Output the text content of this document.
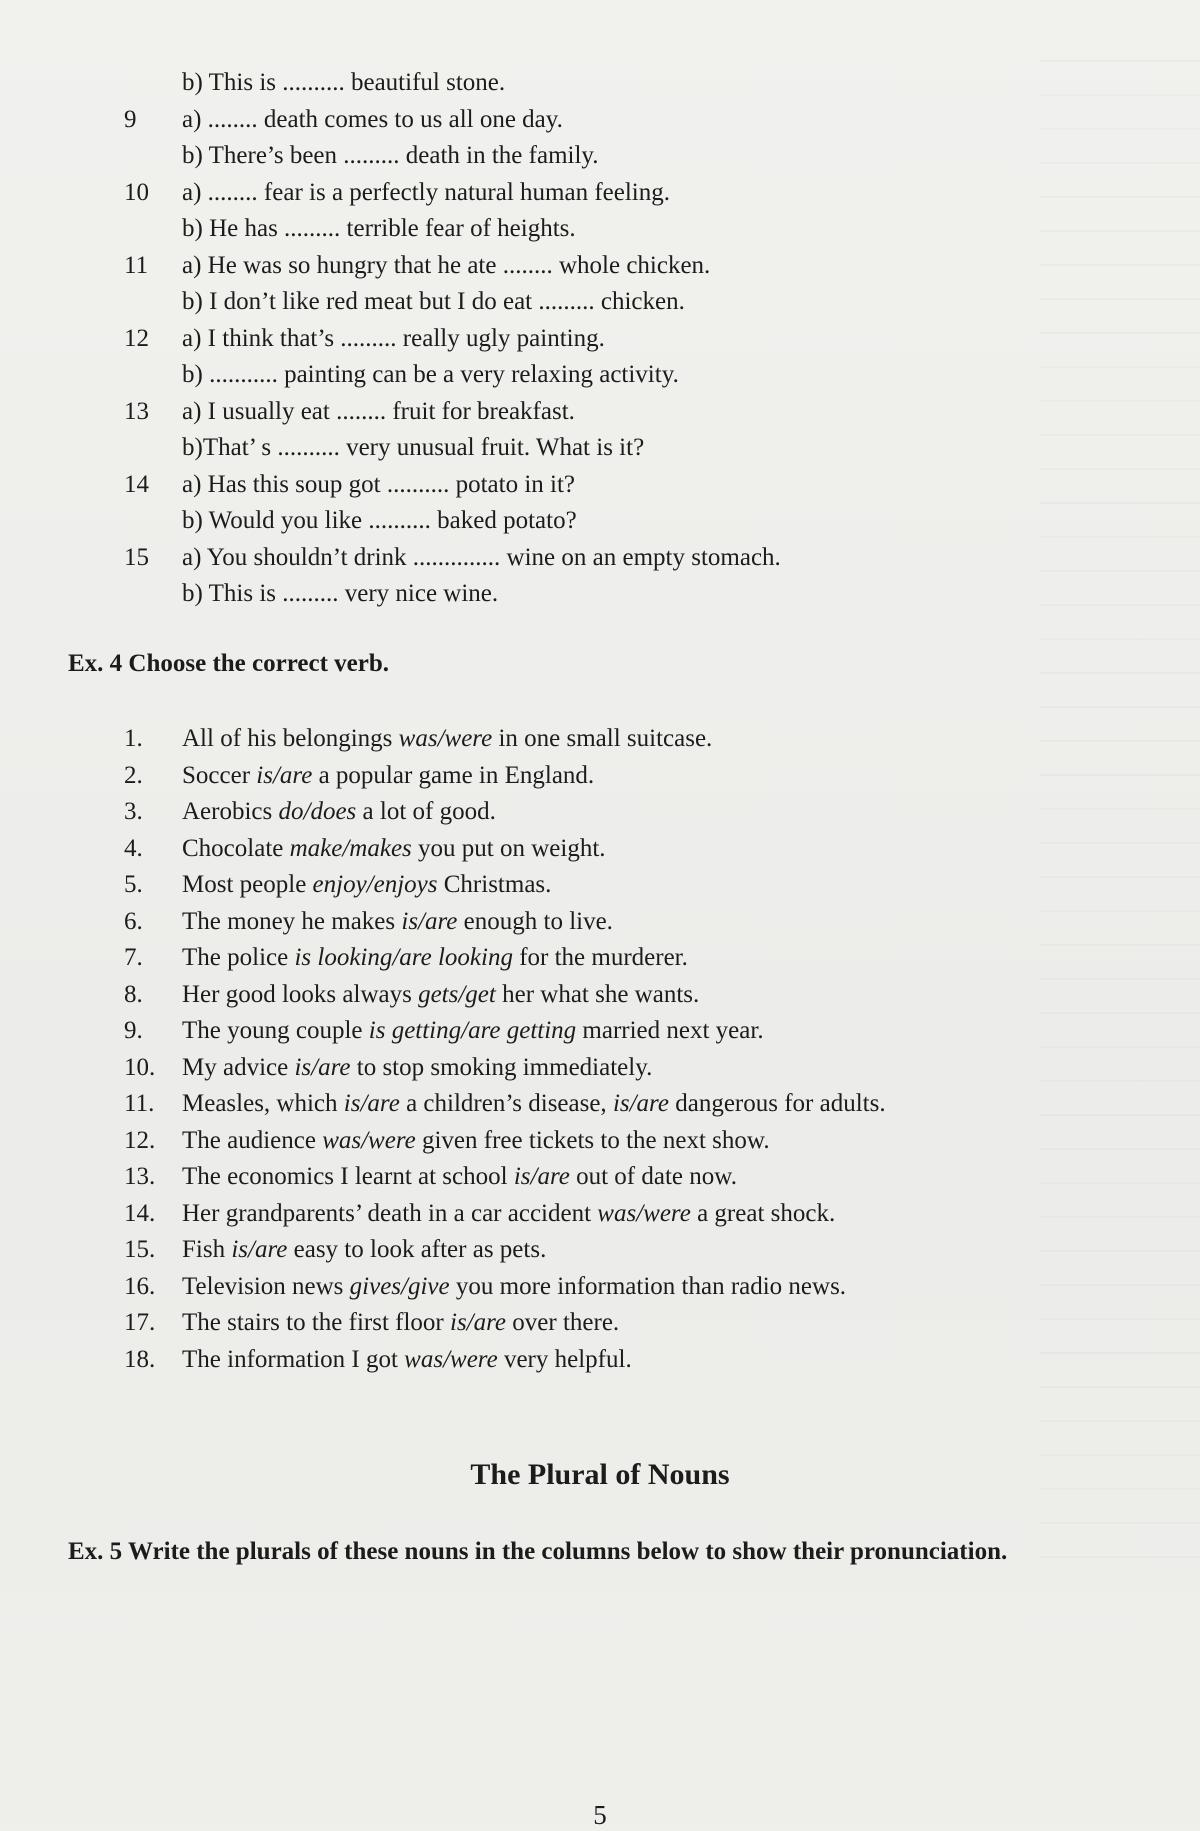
b) This is .......... beautiful stone.
9 a) ........ death comes to us all one day.
b) There’s been ......... death in the family.
10 a) ........ fear is a perfectly natural human feeling.
b) He has ......... terrible fear of heights.
11 a) He was so hungry that he ate ........ whole chicken.
b) I don’t like red meat but I do eat ......... chicken.
12 a) I think that’s ......... really ugly painting.
b) ........... painting can be a very relaxing activity.
13 a) I usually eat ........ fruit for breakfast.
b)That’ s .......... very unusual fruit. What is it?
14 a) Has this soup got .......... potato in it?
b) Would you like .......... baked potato?
15 a) You shouldn’t drink .............. wine on an empty stomach.
b) This is ......... very nice wine.
Ex. 4 Choose the correct verb.
1. All of his belongings was/were in one small suitcase.
2. Soccer is/are a popular game in England.
3. Aerobics do/does a lot of good.
4. Chocolate make/makes you put on weight.
5. Most people enjoy/enjoys Christmas.
6. The money he makes is/are enough to live.
7. The police is looking/are looking for the murderer.
8. Her good looks always gets/get her what she wants.
9. The young couple is getting/are getting married next year.
10. My advice is/are to stop smoking immediately.
11. Measles, which is/are a children’s disease, is/are dangerous for adults.
12. The audience was/were given free tickets to the next show.
13. The economics I learnt at school is/are out of date now.
14. Her grandparents’ death in a car accident was/were a great shock.
15. Fish is/are easy to look after as pets.
16. Television news gives/give you more information than radio news.
17. The stairs to the first floor is/are over there.
18. The information I got was/were very helpful.
The Plural of Nouns
Ex. 5 Write the plurals of these nouns in the columns below to show their pronunciation.
5
